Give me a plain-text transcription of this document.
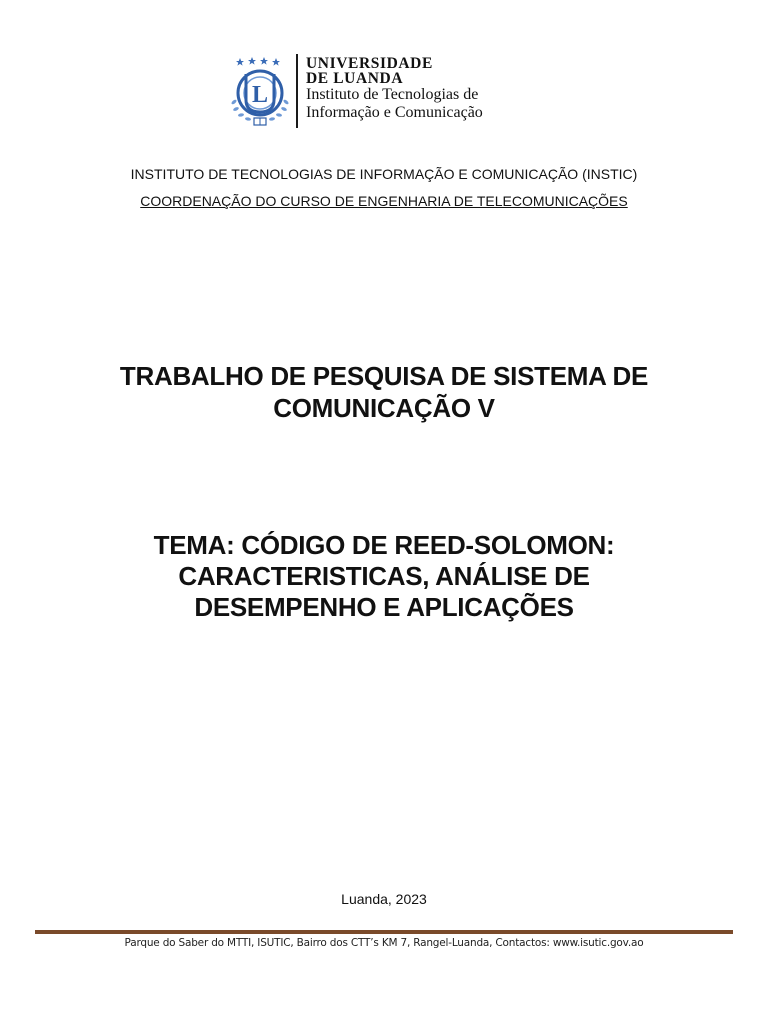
L
UNIVERSIDADE
DE LUANDA
Instituto de Tecnologias de
Informação e Comunicação
INSTITUTO DE TECNOLOGIAS DE INFORMAÇÃO E COMUNICAÇÃO (INSTIC)
COORDENAÇÃO DO CURSO DE ENGENHARIA DE TELECOMUNICAÇÕES
TRABALHO DE PESQUISA DE SISTEMA DE
COMUNICAÇÃO V
TEMA: CÓDIGO DE REED-SOLOMON:
CARACTERISTICAS, ANÁLISE DE
DESEMPENHO E APLICAÇÕES
Luanda, 2023
Parque do Saber do MTTI, ISUTIC, Bairro dos CTT’s KM 7, Rangel-Luanda, Contactos: www.isutic.gov.ao
